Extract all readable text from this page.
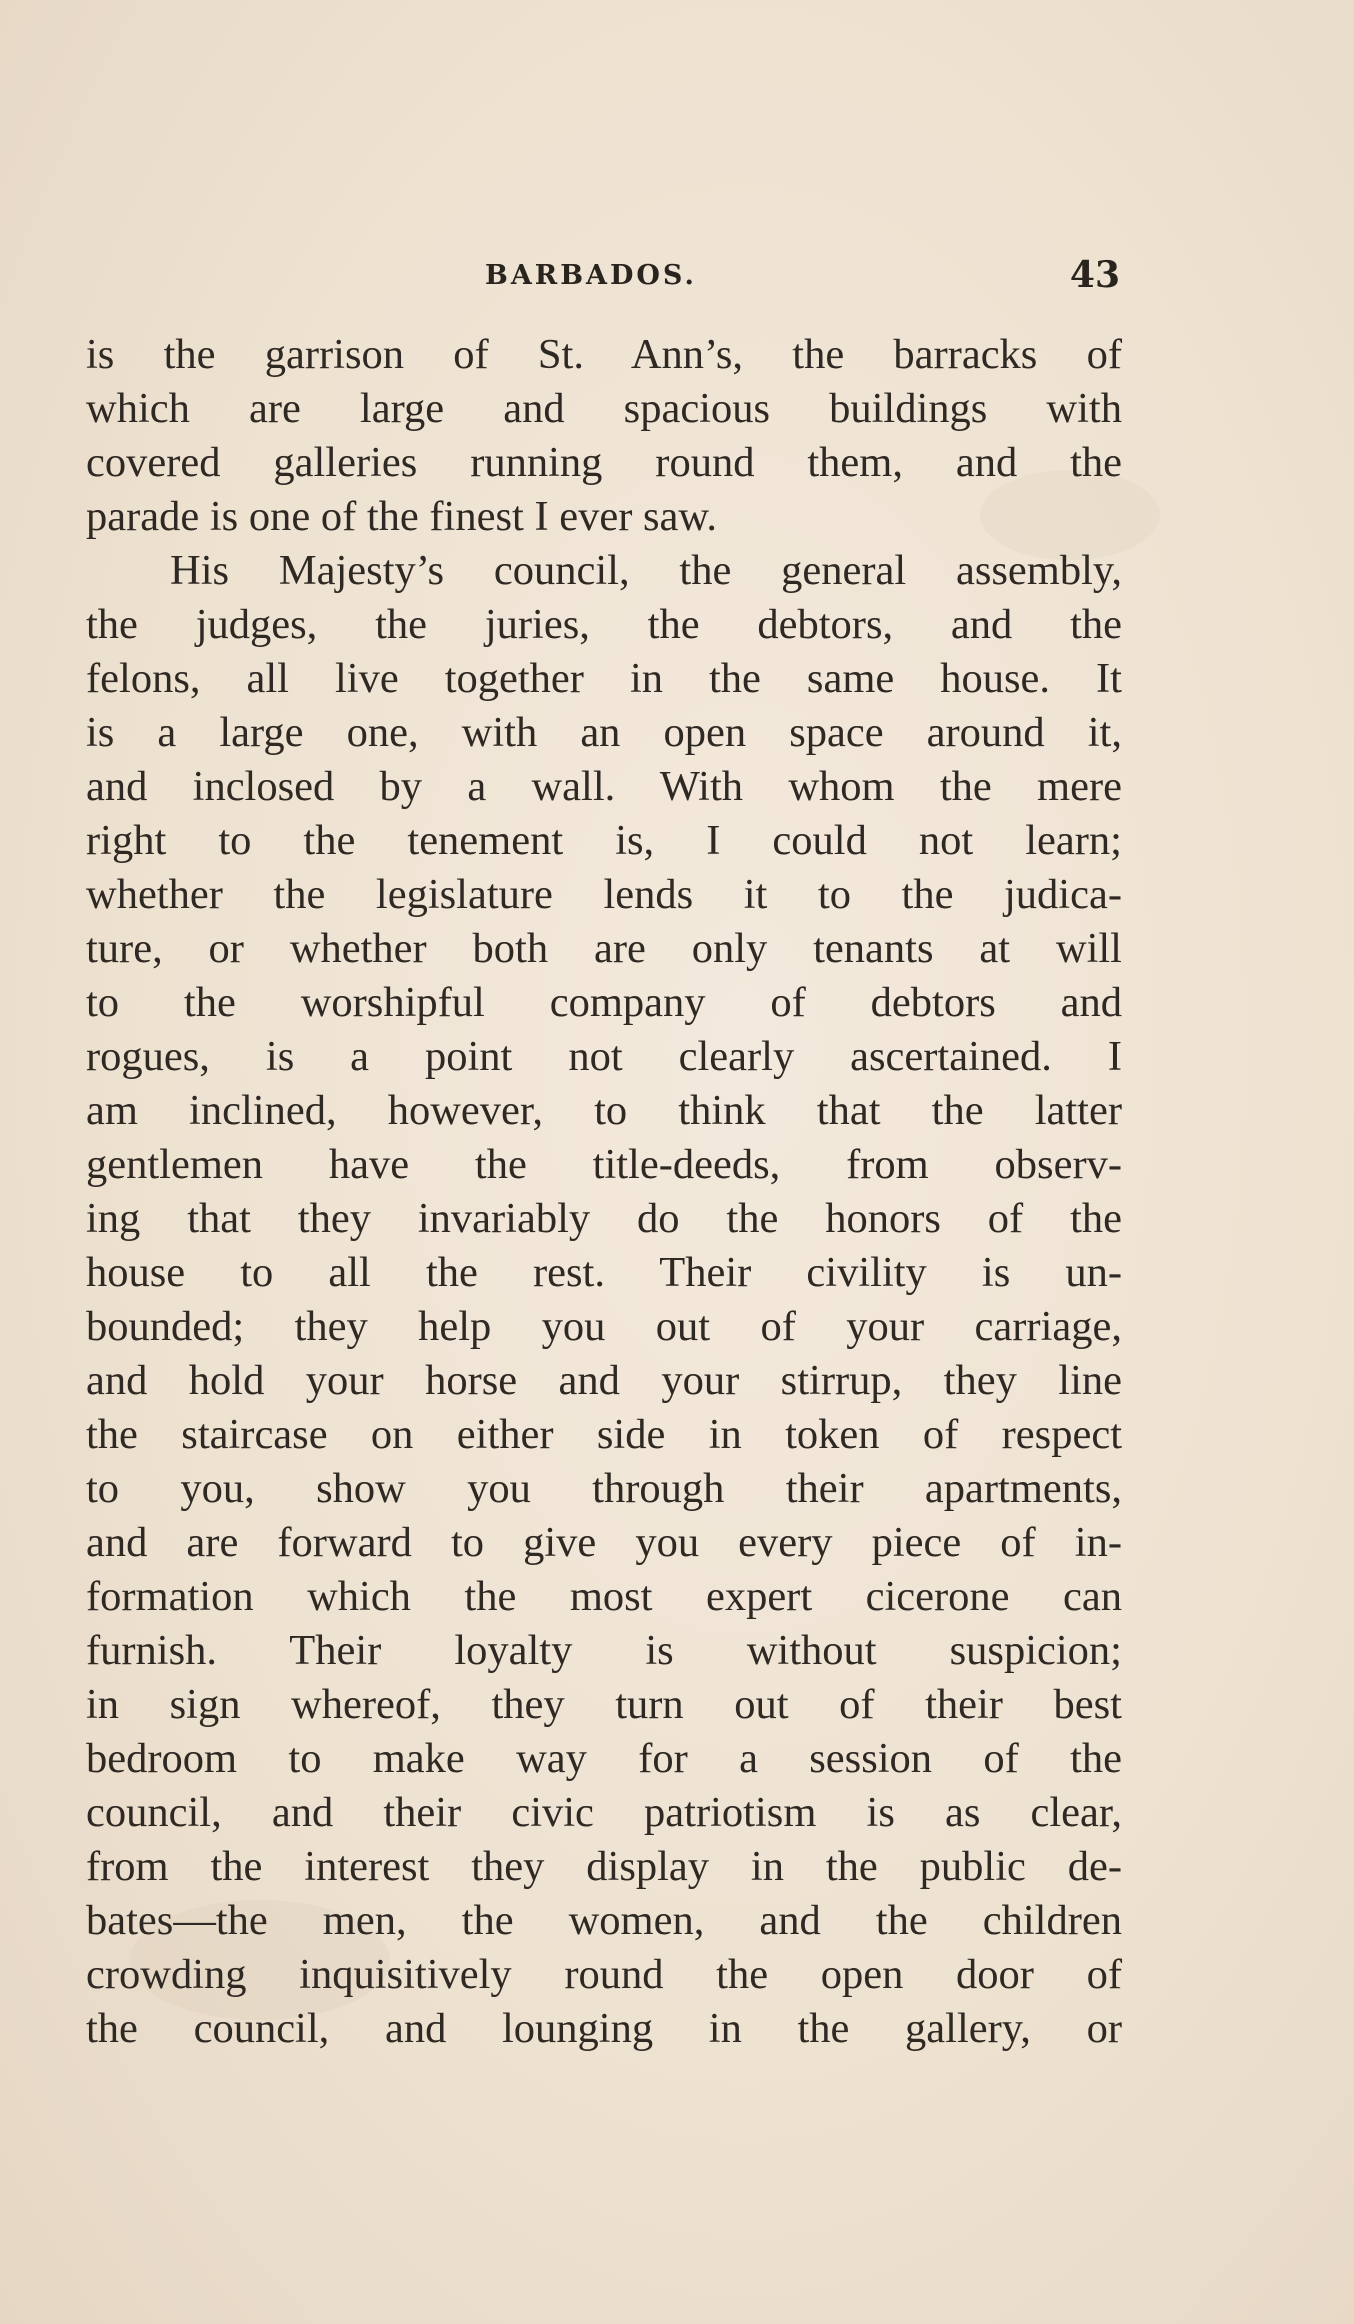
BARBADOS.	43
is the garrison of St. Ann’s, the barracks of
which are large and spacious buildings with
covered galleries running round them, and the
parade is one of the finest I ever saw.
His Majesty’s council, the general assembly,
the judges, the juries, the debtors, and the
felons, all live together in the same house. It
is a large one, with an open space around it,
and inclosed by a wall. With whom the mere
right to the tenement is, I could not learn;
whether the legislature lends it to the judica-
ture, or whether both are only tenants at will
to the worshipful company of debtors and
rogues, is a point not clearly ascertained. I
am inclined, however, to think that the latter
gentlemen have the title-deeds, from observ-
ing that they invariably do the honors of the
house to all the rest. Their civility is un-
bounded; they help you out of your carriage,
and hold your horse and your stirrup, they line
the staircase on either side in token of respect
to you, show you through their apartments,
and are forward to give you every piece of in-
formation which the most expert cicerone can
furnish. Their loyalty is without suspicion;
in sign whereof, they turn out of their best
bedroom to make way for a session of the
council, and their civic patriotism is as clear,
from the interest they display in the public de-
bates—the men, the women, and the children
crowding inquisitively round the open door of
the council, and lounging in the gallery, or
